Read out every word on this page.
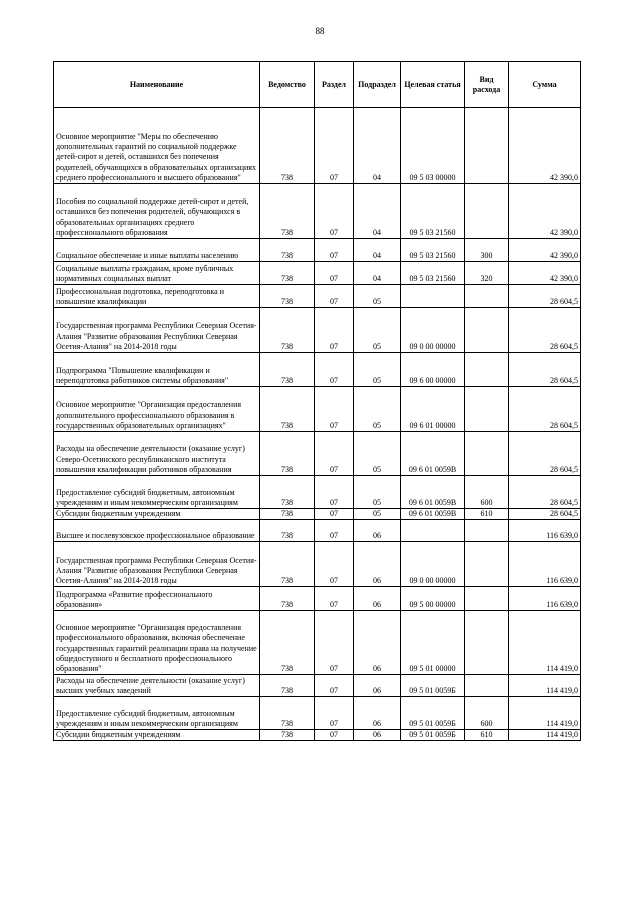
88
Наименование	Ведомство	Раздел	Подраздел	Целевая статья	Вид расхода	Сумма
Основное мероприятие "Меры по обеспечению дополнительных гарантий по социальной поддержке детей-сирот и детей, оставшихся без попечения родителей, обучающихся в образовательных организациях среднего профессионального и высшего образования"	738	07	04	09 5 03 00000		42 390,0
Пособия по социальной поддержке детей-сирот и детей, оставшихся без попечения родителей, обучающихся в образовательных организациях среднего профессионального образования	738	07	04	09 5 03 21560		42 390,0
Социальное обеспечение и иные выплаты населению	738	07	04	09 5 03 21560	300	42 390,0
Социальные выплаты гражданам, кроме публичных нормативных социальных выплат	738	07	04	09 5 03 21560	320	42 390,0
Профессиональная подготовка, переподготовка и повышение квалификации	738	07	05			28 604,5
Государственная программа Республики Северная Осетия-Алания "Развитие образования Республики Северная Осетия-Алания" на 2014-2018 годы	738	07	05	09 0 00 00000		28 604,5
Подпрограмма "Повышение квалификации и переподготовка работников системы образования"	738	07	05	09 6 00 00000		28 604,5
Основное мероприятие "Организация предоставления дополнительного профессионального образования в государственных образовательных организациях"	738	07	05	09 6 01 00000		28 604,5
Расходы на обеспечение деятельности (оказание услуг) Северо-Осетинского республиканского института повышения квалификации работников образования	738	07	05	09 6 01 0059В		28 604,5
Предоставление субсидий бюджетным, автономным учреждениям и иным некоммерческим организациям	738	07	05	09 6 01 0059В	600	28 604,5
Субсидии бюджетным учреждениям	738	07	05	09 6 01 0059В	610	28 604,5
Высшее и послевузовское профессиональное образование	738	07	06			116 639,0
Государственная программа Республики Северная Осетия-Алания "Развитие образования Республики Северная Осетия-Алания" на 2014-2018 годы	738	07	06	09 0 00 00000		116 639,0
Подпрограмма «Развитие профессионального образования»	738	07	06	09 5 00 00000		116 639,0
Основное мероприятие "Организация предоставления профессионального образования, включая обеспечение государственных гарантий реализации права на получение общедоступного и бесплатного профессионального образования"	738	07	06	09 5 01 00000		114 419,0
Расходы на обеспечение деятельности (оказание услуг) высших учебных заведений	738	07	06	09 5 01 0059Б		114 419,0
Предоставление субсидий бюджетным, автономным учреждениям и иным некоммерческим организациям	738	07	06	09 5 01 0059Б	600	114 419,0
Субсидии бюджетным учреждениям	738	07	06	09 5 01 0059Б	610	114 419,0
